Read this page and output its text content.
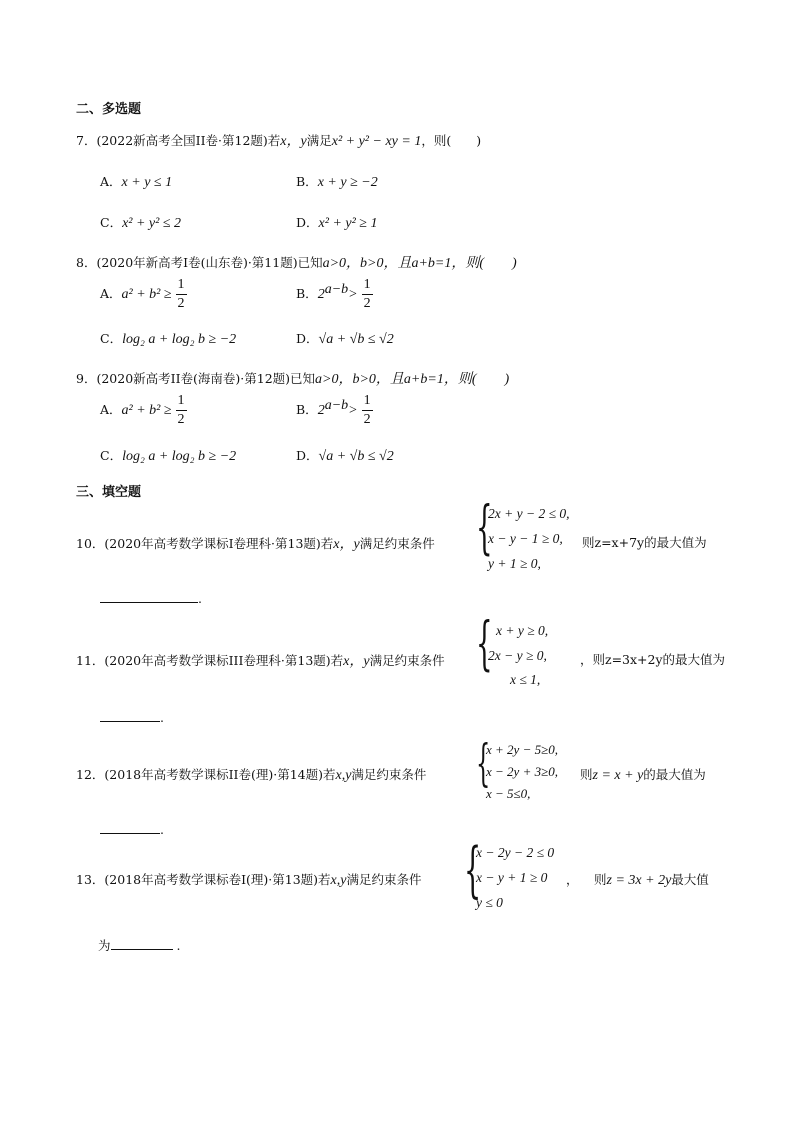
二、多选题
7．(2022新高考全国II卷·第12题)若x，y满足x² + y² − xy = 1，则(　　)
A．x + y ≤ 1	B．x + y ≥ −2
C．x² + y² ≤ 2	D．x² + y² ≥ 1
8．(2020年新高考I卷(山东卷)·第11题)已知a>0，b>0，且a+b=1，则(　　)
A．$a^2 + b^2 \ge \frac{1}{2}$	B．$2^{a-b}> \frac{1}{2}$
C．log₂ a + log₂ b ≥ −2	D．√a + √b ≤ √2
9．(2020新高考II卷(海南卷)·第12题)已知a>0，b>0，且a+b=1，则(　　)
A．$a^2 + b^2 \ge \frac{1}{2}$	B．$2^{a-b}> \frac{1}{2}$
C．log₂ a + log₂ b ≥ −2	D．√a + √b ≤ √2
三、填空题
10．(2020年高考数学课标I卷理科·第13题)若x，y满足约束条件 {
2x + y − 2 ≤ 0,
x − y − 1 ≥ 0,
y + 1 ≥ 0,
则z=x+7y的最大值为
.
11．(2020年高考数学课标III卷理科·第13题)若x，y满足约束条件 { x + y ≥ 0,
2x − y ≥ 0,
x ≤ 1,
，则z=3x+2y的最大值为
.
12．(2018年高考数学课标II卷(理)·第14题)若x,y满足约束条件 {
x + 2y − 5≥0,
x − 2y + 3≥0,
x − 5≤0,
则z = x + y的最大值为
.
13．(2018年高考数学课标卷I(理)·第13题)若x,y满足约束条件 {
x − 2y − 2 ≤ 0
x − y + 1 ≥ 0
y ≤ 0
， 则z = 3x + 2y最大值
为	.
